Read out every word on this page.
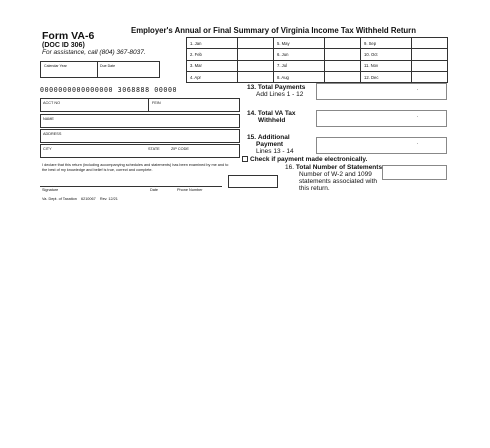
Form VA-6
(DOC ID 306)
For assistance, call (804) 367-8037.
Employer's Annual or Final Summary of Virginia Income Tax Withheld Return
1. Jan		5. May		9. Sep	
2. Feb		6. Jun		10. Oct	
3. Mar		7. Jul		11. Nov	
4. Apr		8. Aug		12. Dec	
Calendar Year	Due Date
0000000000000000 3068888 00000
ACCT NO	FEIN
NAME
ADDRESS
CITY	STATE	ZIP CODE
I declare that this return (including accompanying schedules and statements) has been examined by me and to the best of my knowledge and belief is true, correct and complete.
Signature	Date	Phone Number
Va. Dept. of Taxation 6210067 Rev. 12/21
13. Total Payments
Add Lines 1 - 12
.
14. Total VA Tax
Withheld
.
15. Additional
Payment
Lines 13 - 14
.
Check if payment made electronically.
16. Total Number of Statements
Number of W-2 and 1099
statements associated with
this return.
